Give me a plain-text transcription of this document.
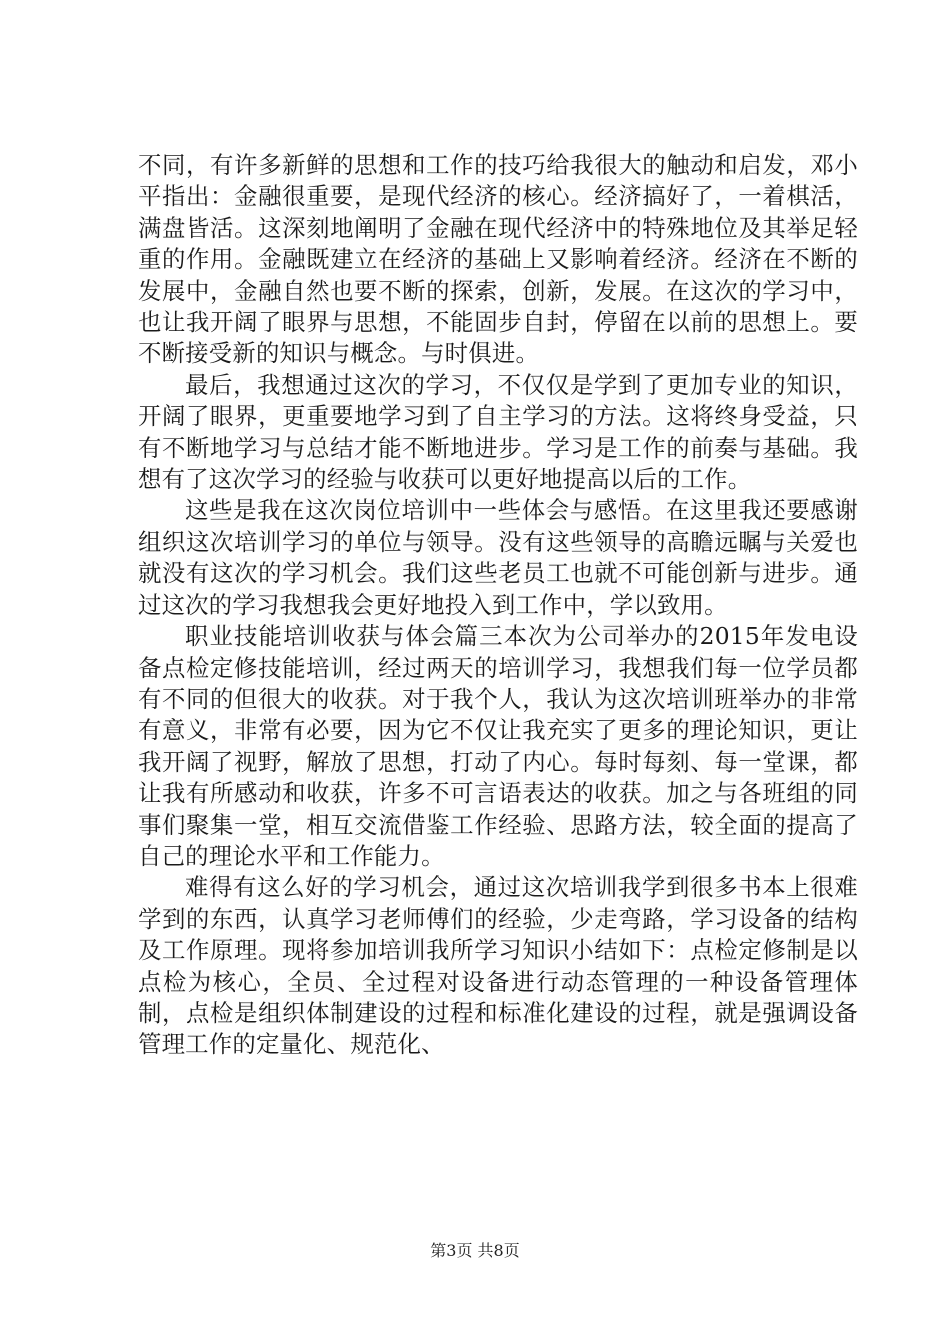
不同，有许多新鲜的思想和工作的技巧给我很大的触动和启发，邓小平指出：金融很重要，是现代经济的核心。经济搞好了，一着棋活，满盘皆活。这深刻地阐明了金融在现代经济中的特殊地位及其举足轻重的作用。金融既建立在经济的基础上又影响着经济。经济在不断的发展中，金融自然也要不断的探索，创新，发展。在这次的学习中，也让我开阔了眼界与思想，不能固步自封，停留在以前的思想上。要不断接受新的知识与概念。与时俱进。

最后，我想通过这次的学习，不仅仅是学到了更加专业的知识，开阔了眼界，更重要地学习到了自主学习的方法。这将终身受益，只有不断地学习与总结才能不断地进步。学习是工作的前奏与基础。我想有了这次学习的经验与收获可以更好地提高以后的工作。

这些是我在这次岗位培训中一些体会与感悟。在这里我还要感谢组织这次培训学习的单位与领导。没有这些领导的高瞻远瞩与关爱也就没有这次的学习机会。我们这些老员工也就不可能创新与进步。通过这次的学习我想我会更好地投入到工作中，学以致用。

职业技能培训收获与体会篇三本次为公司举办的2015年发电设备点检定修技能培训，经过两天的培训学习，我想我们每一位学员都有不同的但很大的收获。对于我个人，我认为这次培训班举办的非常有意义，非常有必要，因为它不仅让我充实了更多的理论知识，更让我开阔了视野，解放了思想，打动了内心。每时每刻、每一堂课，都让我有所感动和收获，许多不可言语表达的收获。加之与各班组的同事们聚集一堂，相互交流借鉴工作经验、思路方法，较全面的提高了自己的理论水平和工作能力。

难得有这么好的学习机会，通过这次培训我学到很多书本上很难学到的东西，认真学习老师傅们的经验，少走弯路，学习设备的结构及工作原理。现将参加培训我所学习知识小结如下：点检定修制是以点检为核心，全员、全过程对设备进行动态管理的一种设备管理体制，点检是组织体制建设的过程和标准化建设的过程，就是强调设备管理工作的定量化、规范化、

第3页 共8页
